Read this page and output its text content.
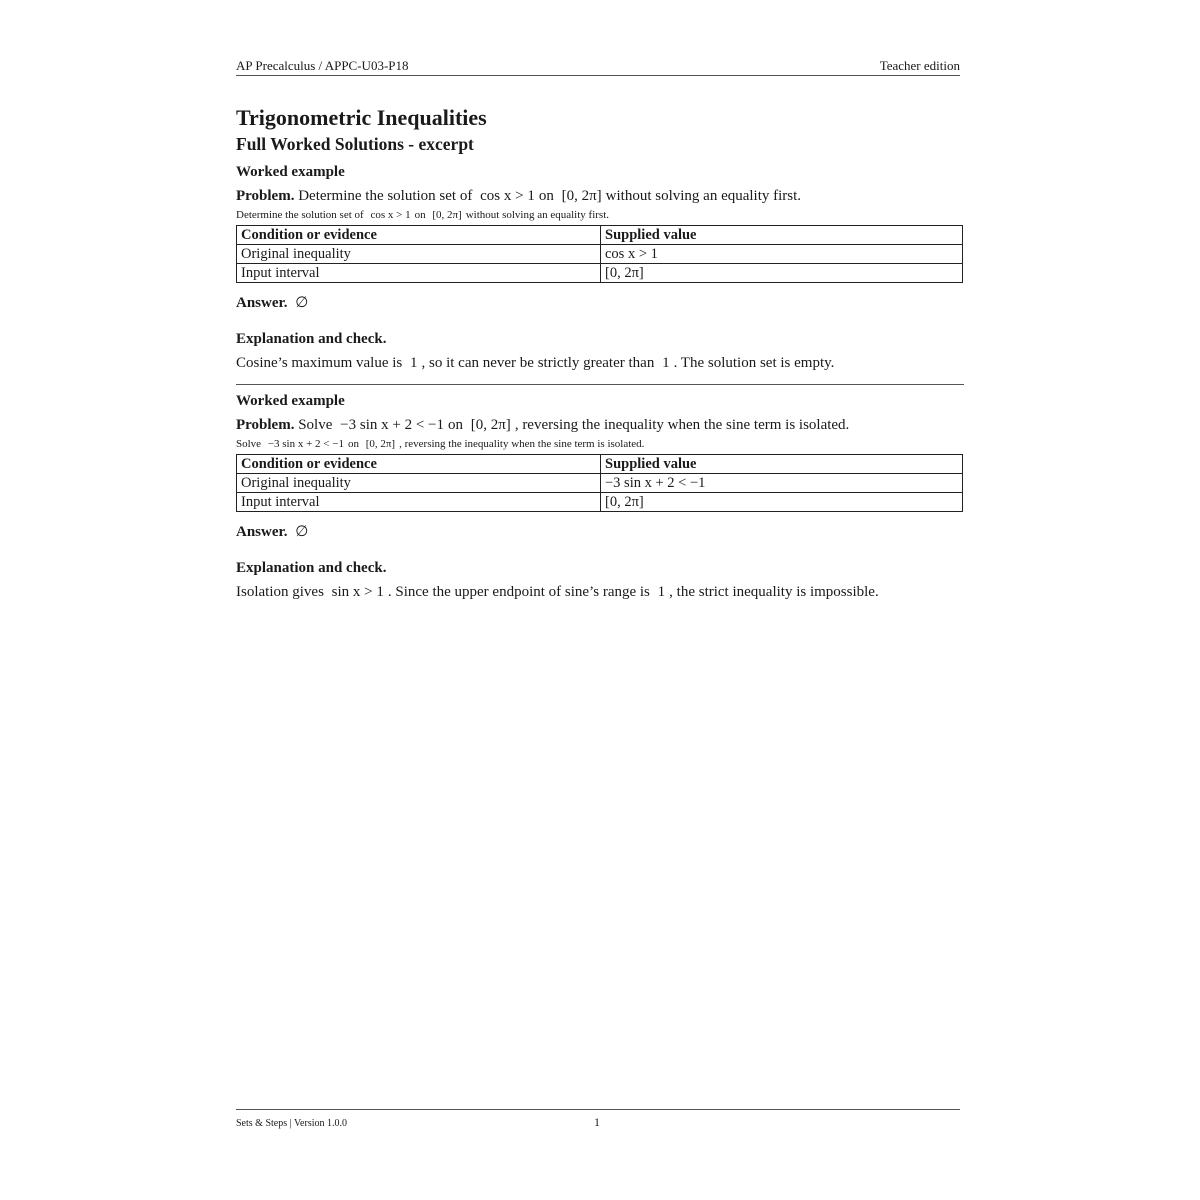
AP Precalculus / APPC-U03-P18	Teacher edition
Trigonometric Inequalities
Full Worked Solutions - excerpt
Worked example

Problem. Determine the solution set of cos x > 1 on [0, 2π] without solving an equality first.

Determine the solution set of cos x > 1 on [0, 2π] without solving an equality first.

Condition or evidence	Supplied value
Original inequality	cos x > 1
Input interval	[0, 2π]

Answer. ∅

Explanation and check.

Cosine’s maximum value is 1 , so it can never be strictly greater than 1 . The solution set is empty.

Worked example

Problem. Solve −3 sin x + 2 < −1 on [0, 2π] , reversing the inequality when the sine term is isolated.

Solve −3 sin x + 2 < −1 on [0, 2π] , reversing the inequality when the sine term is isolated.

Condition or evidence	Supplied value
Original inequality	−3 sin x + 2 < −1
Input interval	[0, 2π]

Answer. ∅

Explanation and check.

Isolation gives sin x > 1 . Since the upper endpoint of sine’s range is 1 , the strict inequality is impossible.

Sets & Steps | Version 1.0.0	1
